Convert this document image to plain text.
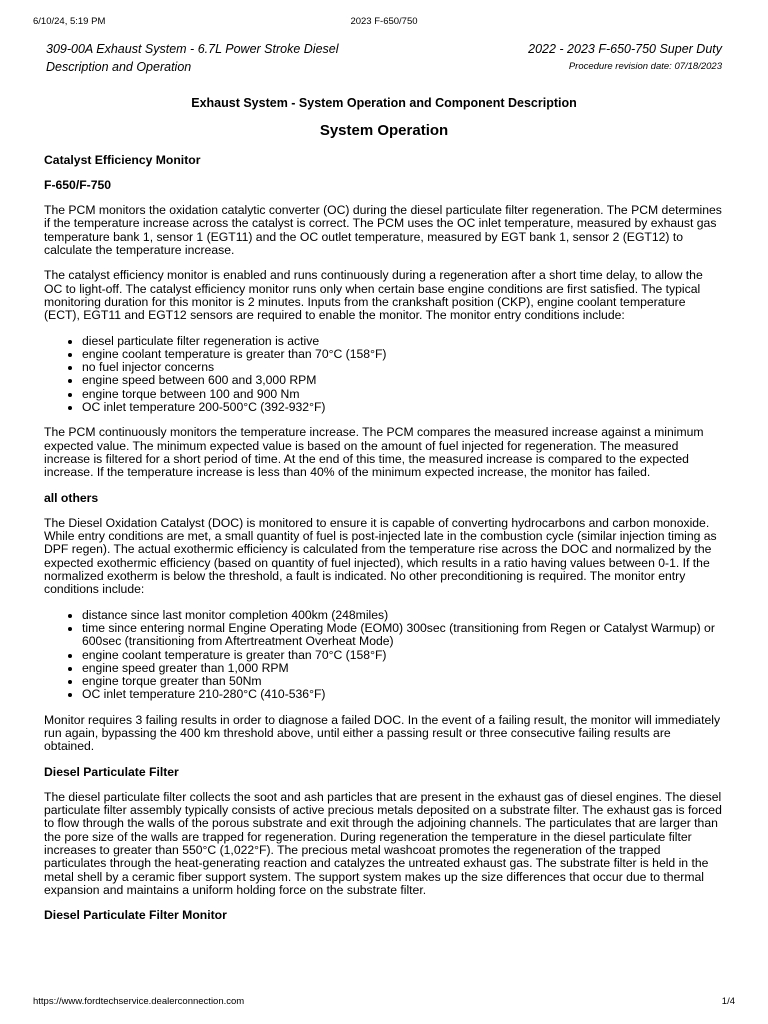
6/10/24, 5:19 PM	2023 F-650/750
309-00A Exhaust System - 6.7L Power Stroke Diesel
Description and Operation
2022 - 2023 F-650-750 Super Duty
Procedure revision date: 07/18/2023
Exhaust System - System Operation and Component Description
System Operation
Catalyst Efficiency Monitor
F-650/F-750

The PCM monitors the oxidation catalytic converter (OC) during the diesel particulate filter regeneration. The PCM determines if the temperature increase across the catalyst is correct. The PCM uses the OC inlet temperature, measured by exhaust gas temperature bank 1, sensor 1 (EGT11) and the OC outlet temperature, measured by EGT bank 1, sensor 2 (EGT12) to calculate the temperature increase.

The catalyst efficiency monitor is enabled and runs continuously during a regeneration after a short time delay, to allow the OC to light-off. The catalyst efficiency monitor runs only when certain base engine conditions are first satisfied. The typical monitoring duration for this monitor is 2 minutes. Inputs from the crankshaft position (CKP), engine coolant temperature (ECT), EGT11 and EGT12 sensors are required to enable the monitor. The monitor entry conditions include:

• diesel particulate filter regeneration is active
• engine coolant temperature is greater than 70°C (158°F)
• no fuel injector concerns
• engine speed between 600 and 3,000 RPM
• engine torque between 100 and 900 Nm
• OC inlet temperature 200-500°C (392-932°F)

The PCM continuously monitors the temperature increase. The PCM compares the measured increase against a minimum expected value. The minimum expected value is based on the amount of fuel injected for regeneration. The measured increase is filtered for a short period of time. At the end of this time, the measured increase is compared to the expected increase. If the temperature increase is less than 40% of the minimum expected increase, the monitor has failed.

all others

The Diesel Oxidation Catalyst (DOC) is monitored to ensure it is capable of converting hydrocarbons and carbon monoxide. While entry conditions are met, a small quantity of fuel is post-injected late in the combustion cycle (similar injection timing as DPF regen). The actual exothermic efficiency is calculated from the temperature rise across the DOC and normalized by the expected exothermic efficiency (based on quantity of fuel injected), which results in a ratio having values between 0-1. If the normalized exotherm is below the threshold, a fault is indicated. No other preconditioning is required. The monitor entry conditions include:

• distance since last monitor completion 400km (248miles)
• time since entering normal Engine Operating Mode (EOM0) 300sec (transitioning from Regen or Catalyst Warmup) or 600sec (transitioning from Aftertreatment Overheat Mode)
• engine coolant temperature is greater than 70°C (158°F)
• engine speed greater than 1,000 RPM
• engine torque greater than 50Nm
• OC inlet temperature 210-280°C (410-536°F)

Monitor requires 3 failing results in order to diagnose a failed DOC. In the event of a failing result, the monitor will immediately run again, bypassing the 400 km threshold above, until either a passing result or three consecutive failing results are obtained.

Diesel Particulate Filter

The diesel particulate filter collects the soot and ash particles that are present in the exhaust gas of diesel engines. The diesel particulate filter assembly typically consists of active precious metals deposited on a substrate filter. The exhaust gas is forced to flow through the walls of the porous substrate and exit through the adjoining channels. The particulates that are larger than the pore size of the walls are trapped for regeneration. During regeneration the temperature in the diesel particulate filter increases to greater than 550°C (1,022°F). The precious metal washcoat promotes the regeneration of the trapped particulates through the heat-generating reaction and catalyzes the untreated exhaust gas. The substrate filter is held in the metal shell by a ceramic fiber support system. The support system makes up the size differences that occur due to thermal expansion and maintains a uniform holding force on the substrate filter.

Diesel Particulate Filter Monitor
https://www.fordtechservice.dealerconnection.com	1/4
